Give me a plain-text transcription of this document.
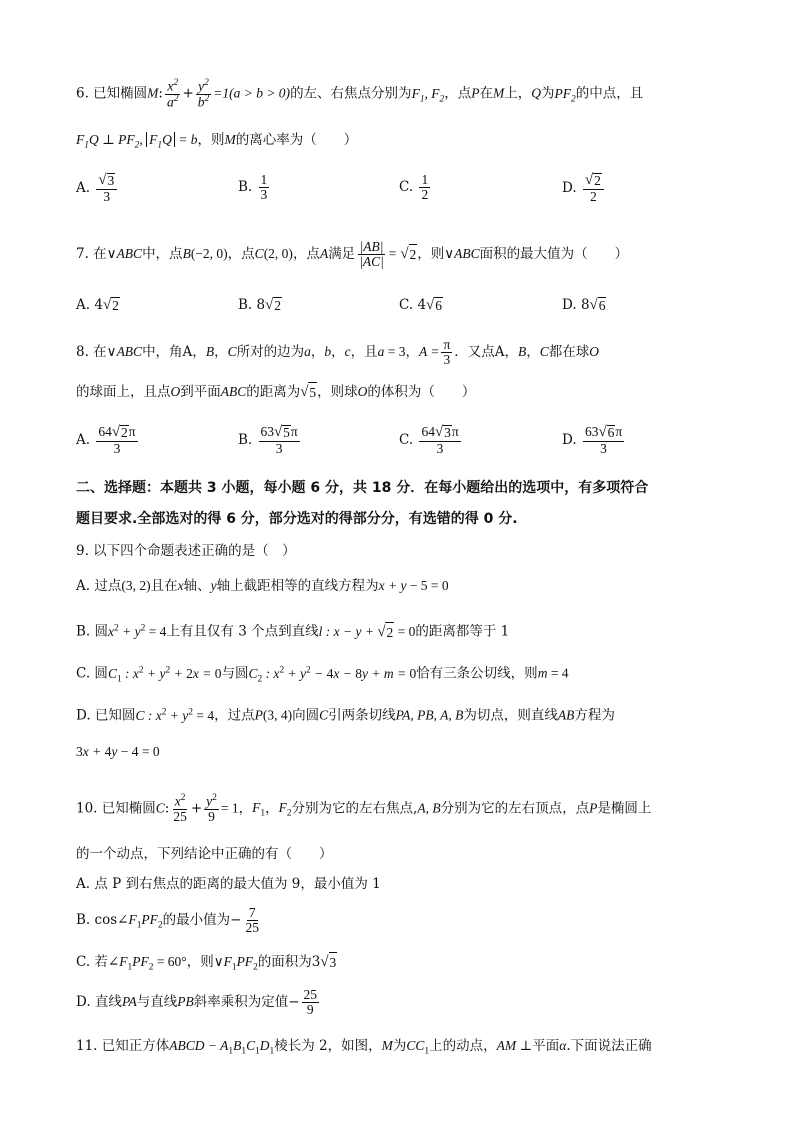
6. 已知椭圆M: $\frac{x^2}{a^2} + \frac{y^2}{b^2} =1(a > b > 0)$的左、右焦点分别为$F_1$, $F_2$，点P在M上，Q为$PF_2$的中点，且
$F_1Q$ ⊥ $PF_2$, $F_1Q = b$，则M的离心率为（　　）
A. $\frac{√ 3}{3}$	B. $\frac{1}{3}$	C. $\frac{1}{2}$	D. $\frac{√ 2}{2}$
7. 在∨ABC中，点B(−2, 0)，点C(2, 0)，点A满足 $\frac{|AB|}{|AC|}$ = √ 2 ，则∨ABC面积的最大值为（　　）
A. 4 √ 2	B. 8 √ 2	C. 4 √ 6	D. 8 √ 6
8. 在∨ABC中，角A，B，C所对的边为a，b，c，且a = 3，$A = \frac{\pi}{3}$ ．又点A，B，C都在球O
的球面上，且点O到平面ABC的距离为 √ 5 ，则球O的体积为（　　）
A. $\frac{64 √ 2 \pi}{3}$	B. $\frac{63 √ 5 \pi}{3}$	C. $\frac{64 √ 3 \pi}{3}$	D. $\frac{63 √ 6 \pi}{3}$
二、选择题：本题共 3 小题，每小题 6 分，共 18 分．在每小题给出的选项中，有多项符合
题目要求.全部选对的得 6 分，部分选对的得部分分，有选错的得 0 分.
9. 以下四个命题表述正确的是（　）
A. 过点(3, 2)且在x轴、y轴上截距相等的直线方程为x + y − 5 = 0
B. 圆$x^2 + y^2 = 4$上有且仅有 3 个点到直线l : x − y + √ 2 = 0的距离都等于 1
C. 圆$C_1$ : $x^2 + y^2 + 2x = 0$与圆$C_2$ : $x^2 + y^2 - 4x - 8y + m = 0$恰有三条公切线，则m = 4
D. 已知圆C : $x^2 + y^2 = 4$，过点P(3, 4)向圆C引两条切线PA, PB, A, B为切点，则直线AB方程为
3x + 4y − 4 = 0
10. 已知椭圆C: $\frac{x^2}{25} + \frac{y^2}{9} = 1$，$F_1$，$F_2$分别为它的左右焦点,A, B分别为它的左右顶点，点P是椭圆上
的一个动点，下列结论中正确的有（　　）
A. 点 P 到右焦点的距离的最大值为 9，最小值为 1
B. $\cos\angle F_1PF_2$的最小值为− $\frac{7}{25}$
C. 若$\angle F_1PF_2 = 60^\circ$，则$\vee F_1PF_2$的面积为3 √ 3
D. 直线PA与直线PB斜率乘积为定值− $\frac{25}{9}$
11. 已知正方体ABCD − $A_1B_1C_1D_1$棱长为 2，如图，M为$CC_1$上的动点，AM ⊥平面α.下面说法正确
